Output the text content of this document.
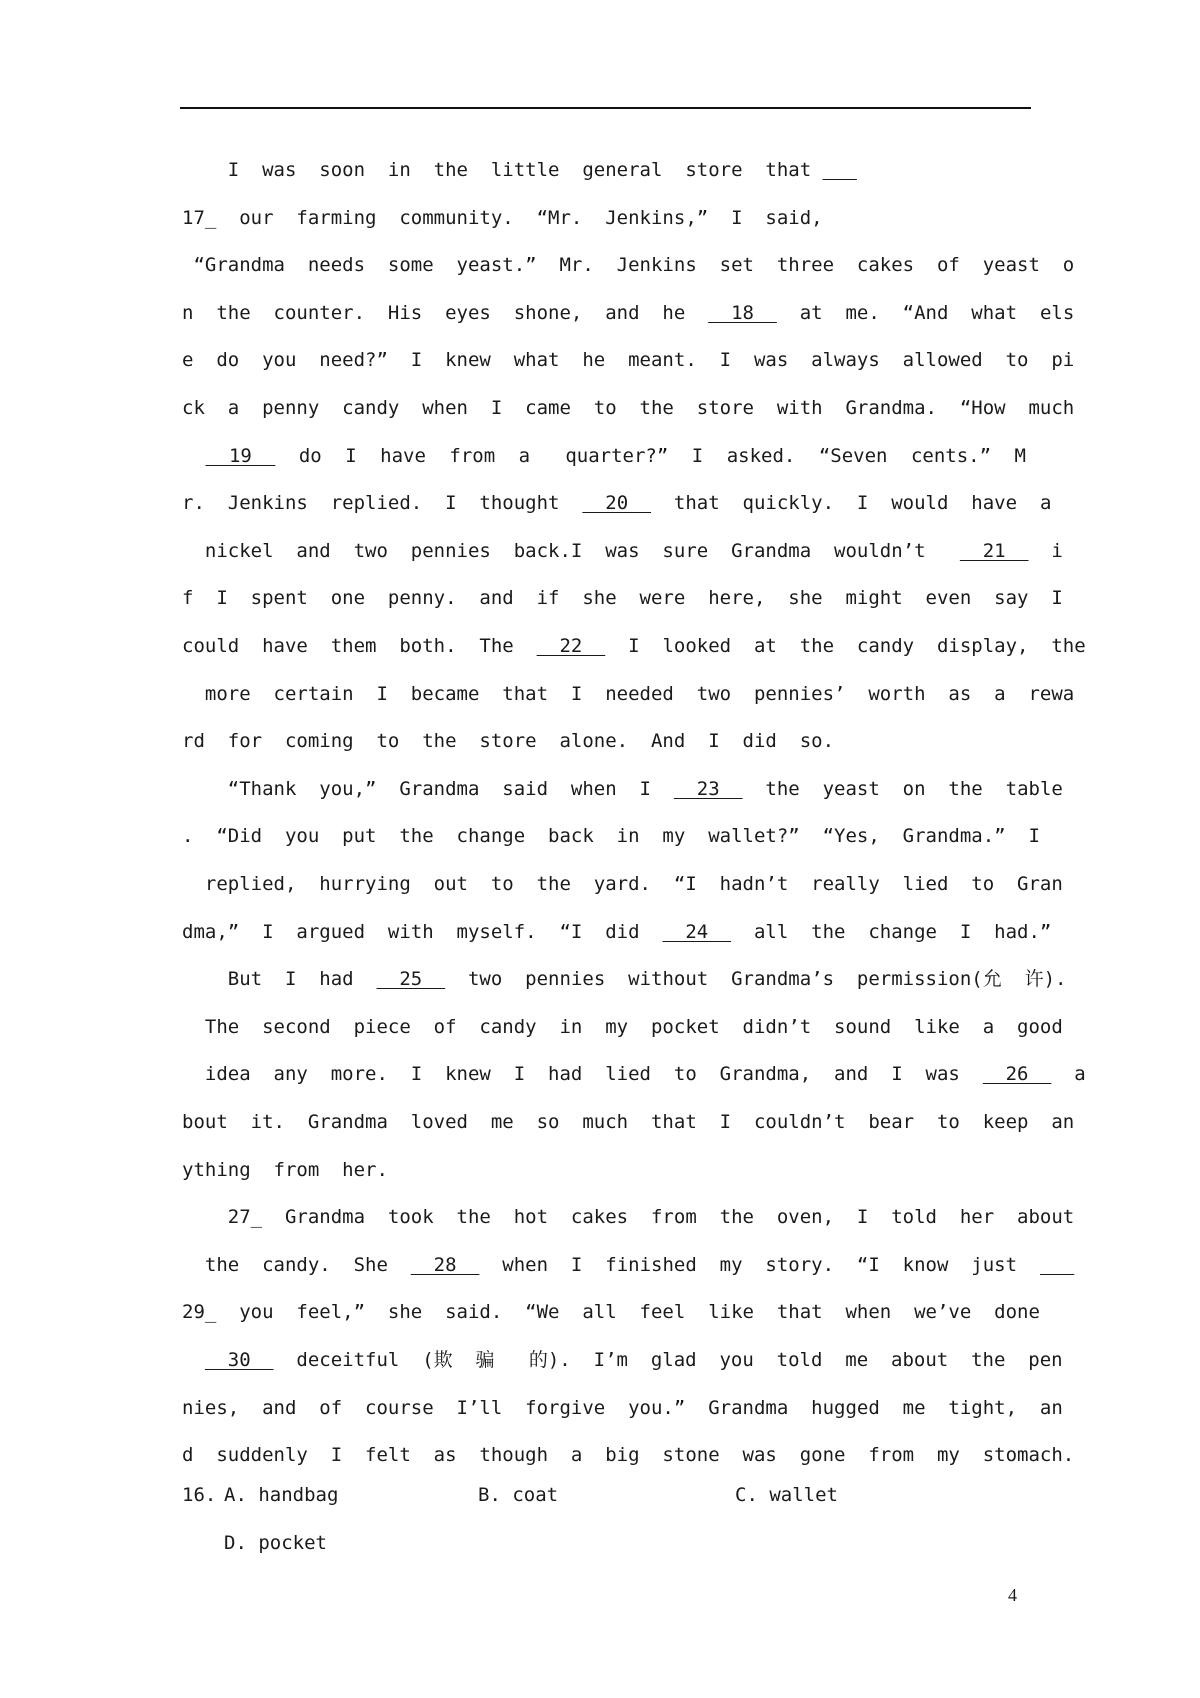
I  was  soon  in  the  little  general  store  that
17_  our  farming  community.  “Mr.  Jenkins,”  I  said,
“Grandma  needs  some  yeast.”  Mr.  Jenkins  set  three  cakes  of  yeast  o
n  the  counter.  His  eyes  shone,  and  he    18    at  me.  “And  what  els
e  do  you  need?”  I  knew  what  he  meant.  I  was  always  allowed  to  pi
ck  a  penny  candy  when  I  came  to  the  store  with  Grandma.  “How  much
19    do  I  have  from  a   quarter?”  I  asked.  “Seven  cents.”  M
r.  Jenkins  replied.  I  thought    20    that  quickly.  I  would  have  a
nickel  and  two  pennies  back.I  was  sure  Grandma  wouldn’t     21    i
f  I  spent  one  penny.  and  if  she  were  here,  she  might  even  say  I
could  have  them  both.  The    22    I  looked  at  the  candy  display,  the
more  certain  I  became  that  I  needed  two  pennies’  worth  as  a  rewa
rd  for  coming  to  the  store  alone.  And  I  did  so.
“Thank  you,”  Grandma  said  when  I    23    the  yeast  on  the  table
.  “Did  you  put  the  change  back  in  my  wallet?”  “Yes,  Grandma.”  I
replied,  hurrying  out  to  the  yard.  “I  hadn’t  really  lied  to  Gran
dma,”  I  argued  with  myself.  “I  did    24    all  the  change  I  had.”
But  I  had    25    two  pennies  without  Grandma’s  permission(允  许).
The  second  piece  of  candy  in  my  pocket  didn’t  sound  like  a  good
idea  any  more.  I  knew  I  had  lied  to  Grandma,  and  I  was    26    a
bout  it.  Grandma  loved  me  so  much  that  I  couldn’t  bear  to  keep  an
ything  from  her.
27_  Grandma  took  the  hot  cakes  from  the  oven,  I  told  her  about
the  candy.  She    28    when  I  finished  my  story.  “I  know  just
29_  you  feel,”  she  said.  “We  all  feel  like  that  when  we’ve  done
30    deceitful  (欺  骗   的).  I’m  glad  you  told  me  about  the  pen
nies,  and  of  course  I’ll  forgive  you.”  Grandma  hugged  me  tight,  an
d  suddenly  I  felt  as  though  a  big  stone  was  gone  from  my  stomach.
16. A. handbag	B. coat	C. wallet
D. pocket
4
